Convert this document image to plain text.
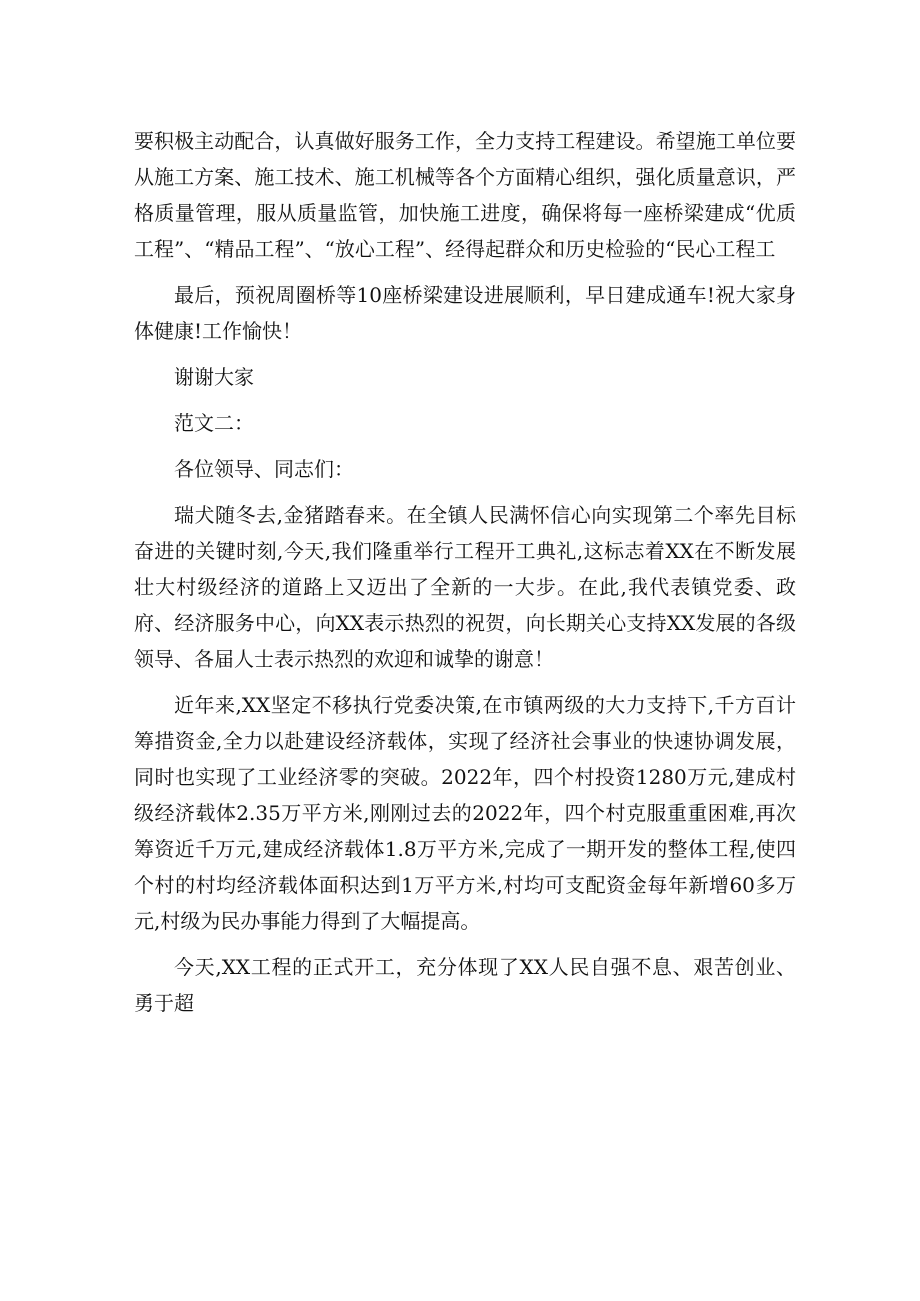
要积极主动配合，认真做好服务工作，全力支持工程建设。希望施工单位要从施工方案、施工技术、施工机械等各个方面精心组织，强化质量意识，严格质量管理，服从质量监管，加快施工进度，确保将每一座桥梁建成“优质工程”、“精品工程”、“放心工程”、经得起群众和历史检验的“民心工程工

最后，预祝周圈桥等10座桥梁建设进展顺利，早日建成通车!祝大家身体健康!工作愉快！

谢谢大家

范文二：

各位领导、同志们：

瑞犬随冬去,金猪踏春来。在全镇人民满怀信心向实现第二个率先目标奋进的关键时刻,今天,我们隆重举行工程开工典礼,这标志着XX在不断发展壮大村级经济的道路上又迈出了全新的一大步。在此,我代表镇党委、政府、经济服务中心，向XX表示热烈的祝贺，向长期关心支持XX发展的各级领导、各届人士表示热烈的欢迎和诚挚的谢意！

近年来,XX坚定不移执行党委决策,在市镇两级的大力支持下,千方百计筹措资金,全力以赴建设经济载体，实现了经济社会事业的快速协调发展，同时也实现了工业经济零的突破。2022年，四个村投资1280万元,建成村级经济载体2.35万平方米,刚刚过去的2022年，四个村克服重重困难,再次筹资近千万元,建成经济载体1.8万平方米,完成了一期开发的整体工程,使四个村的村均经济载体面积达到1万平方米,村均可支配资金每年新增60多万元,村级为民办事能力得到了大幅提高。

今天,XX工程的正式开工，充分体现了XX人民自强不息、艰苦创业、勇于超
